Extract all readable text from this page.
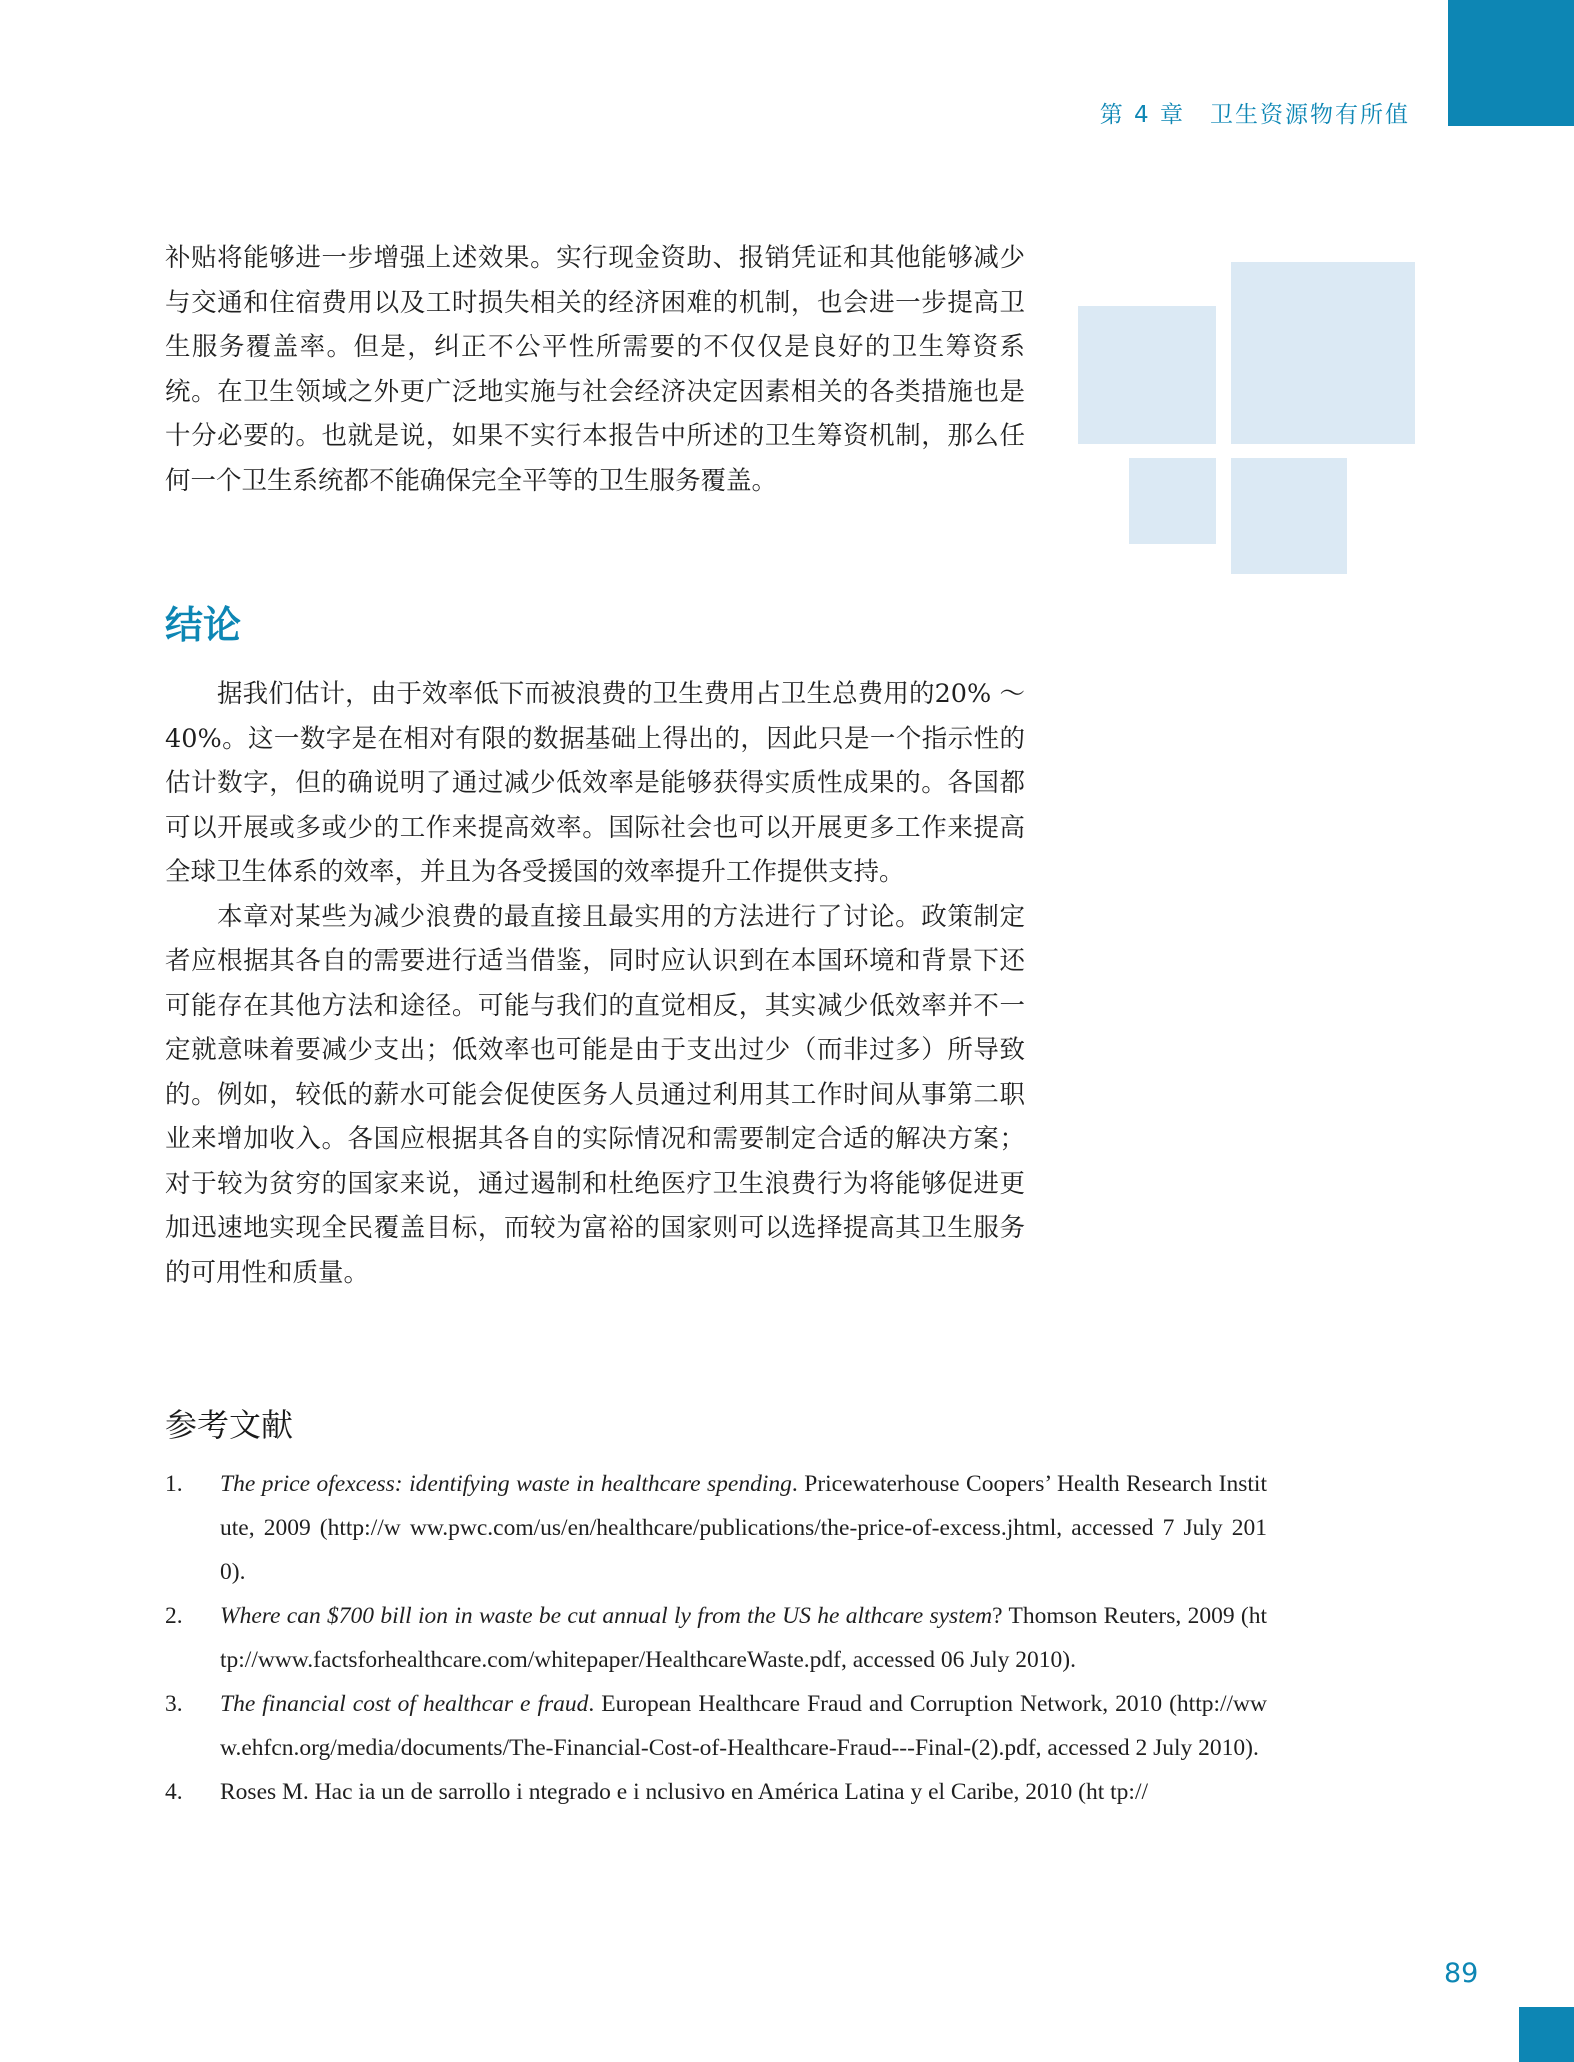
第 4 章　卫生资源物有所值

补贴将能够进一步增强上述效果。实行现金资助、报销凭证和其他能够减少与交通和住宿费用以及工时损失相关的经济困难的机制，也会进一步提高卫生服务覆盖率。但是，纠正不公平性所需要的不仅仅是良好的卫生筹资系统。在卫生领域之外更广泛地实施与社会经济决定因素相关的各类措施也是十分必要的。也就是说，如果不实行本报告中所述的卫生筹资机制，那么任何一个卫生系统都不能确保完全平等的卫生服务覆盖。

结论

据我们估计，由于效率低下而被浪费的卫生费用占卫生总费用的20% ～ 40%。这一数字是在相对有限的数据基础上得出的，因此只是一个指示性的估计数字，但的确说明了通过减少低效率是能够获得实质性成果的。各国都可以开展或多或少的工作来提高效率。国际社会也可以开展更多工作来提高全球卫生体系的效率，并且为各受援国的效率提升工作提供支持。

本章对某些为减少浪费的最直接且最实用的方法进行了讨论。政策制定者应根据其各自的需要进行适当借鉴，同时应认识到在本国环境和背景下还可能存在其他方法和途径。可能与我们的直觉相反，其实减少低效率并不一定就意味着要减少支出；低效率也可能是由于支出过少（而非过多）所导致的。例如，较低的薪水可能会促使医务人员通过利用其工作时间从事第二职业来增加收入。各国应根据其各自的实际情况和需要制定合适的解决方案；对于较为贫穷的国家来说，通过遏制和杜绝医疗卫生浪费行为将能够促进更加迅速地实现全民覆盖目标，而较为富裕的国家则可以选择提高其卫生服务的可用性和质量。

参考文献
1.	The price ofexcess: identifying waste in healthcare spending. Pricewaterhouse Coopers’ Health Research Institute, 2009 (http://w ww.pwc.com/us/en/healthcare/publications/the-price-of-excess.jhtml, accessed 7 July 2010).
2.	Where can $700 bill ion in waste be cut annual ly from the US he althcare system? Thomson Reuters, 2009 (ht tp://www.factsforhealthcare.com/whitepaper/HealthcareWaste.pdf, accessed 06 July 2010).
3.	The financial cost of healthcar e fraud. European Healthcare Fraud and Corruption Network, 2010 (http://www.ehfcn.org/media/documents/The-Financial-Cost-of-Healthcare-Fraud---Final-(2).pdf, accessed 2 July 2010).
4.	Roses M. Hac ia un de sarrollo i ntegrado e i nclusivo en América Latina y el Caribe, 2010 (ht tp://
89
